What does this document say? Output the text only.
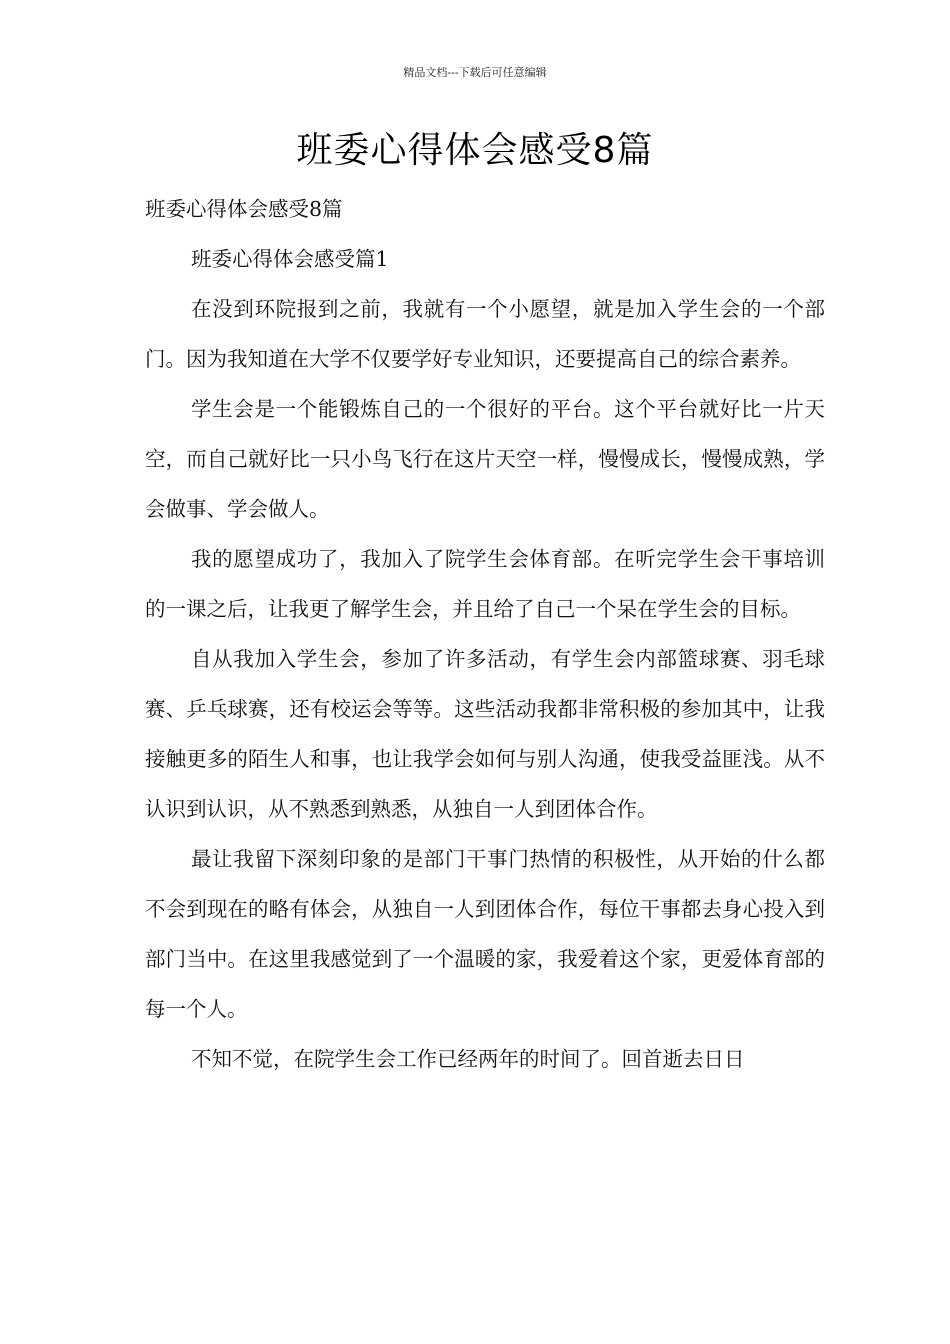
精品文档---下载后可任意编辑
班委心得体会感受8篇

班委心得体会感受8篇

班委心得体会感受篇1

在没到环院报到之前，我就有一个小愿望，就是加入学生会的一个部门。因为我知道在大学不仅要学好专业知识，还要提高自己的综合素养。

学生会是一个能锻炼自己的一个很好的平台。这个平台就好比一片天空，而自己就好比一只小鸟飞行在这片天空一样，慢慢成长，慢慢成熟，学会做事、学会做人。

我的愿望成功了，我加入了院学生会体育部。在听完学生会干事培训的一课之后，让我更了解学生会，并且给了自己一个呆在学生会的目标。

自从我加入学生会，参加了许多活动，有学生会内部篮球赛、羽毛球赛、乒乓球赛，还有校运会等等。这些活动我都非常积极的参加其中，让我接触更多的陌生人和事，也让我学会如何与别人沟通，使我受益匪浅。从不认识到认识，从不熟悉到熟悉，从独自一人到团体合作。

最让我留下深刻印象的是部门干事门热情的积极性，从开始的什么都不会到现在的略有体会，从独自一人到团体合作，每位干事都去身心投入到部门当中。在这里我感觉到了一个温暖的家，我爱着这个家，更爱体育部的每一个人。

不知不觉，在院学生会工作已经两年的时间了。回首逝去日日
